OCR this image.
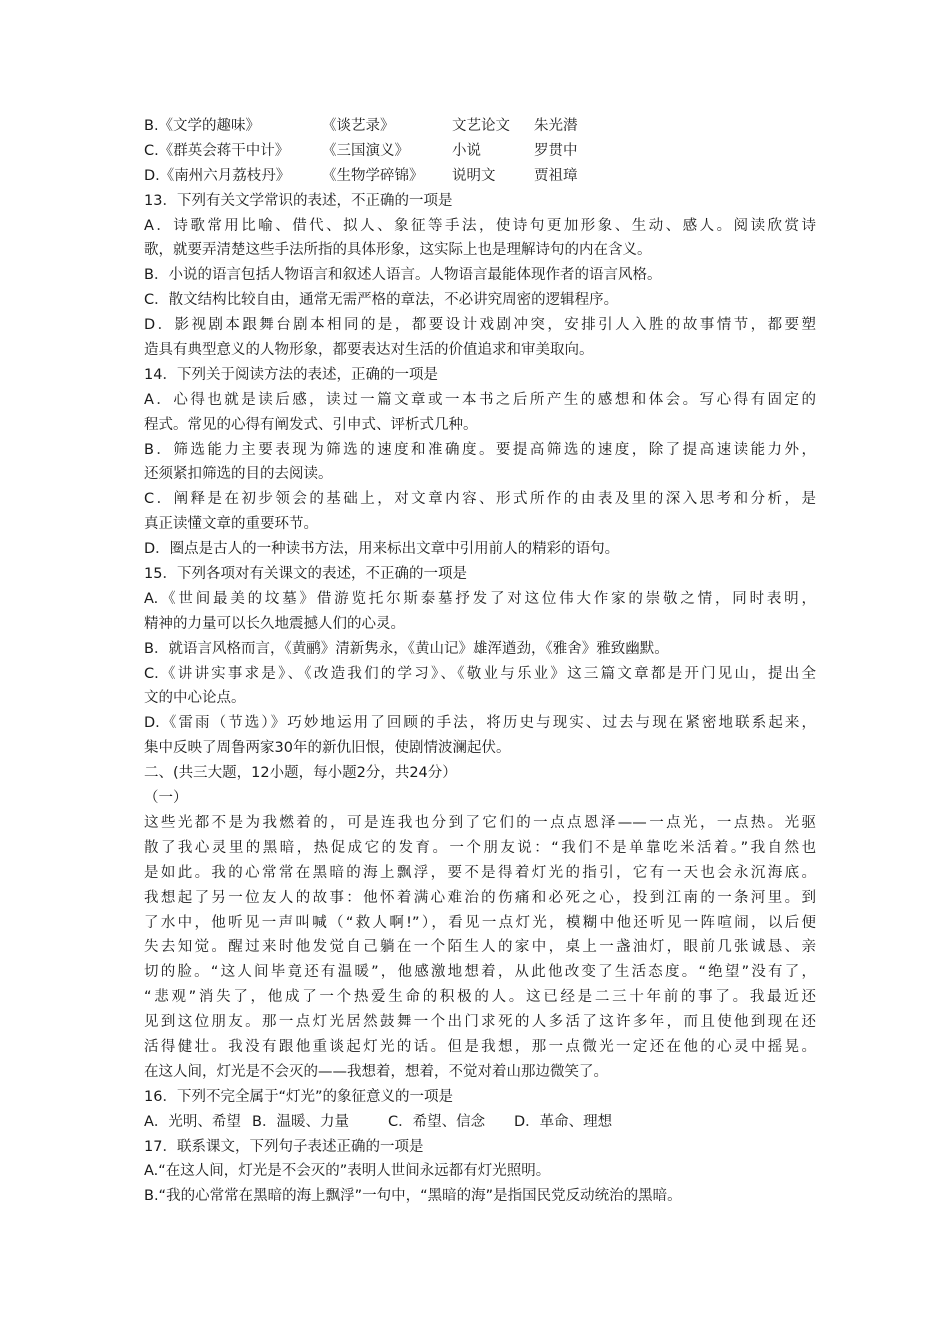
B.《文学的趣味》	《谈艺录》	文艺论文 朱光潜
C.《群英会蒋干中计》 《三国演义》	小说	罗贯中
D.《南州六月荔枝丹》 《生物学碎锦》 说明文	贾祖璋
13．下列有关文学常识的表述，不正确的一项是
A．诗歌常用比喻、借代、拟人、象征等手法，使诗句更加形象、生动、感人。阅读欣赏诗
歌，就要弄清楚这些手法所指的具体形象，这实际上也是理解诗句的内在含义。
B．小说的语言包括人物语言和叙述人语言。人物语言最能体现作者的语言风格。
C．散文结构比较自由，通常无需严格的章法，不必讲究周密的逻辑程序。
D．影视剧本跟舞台剧本相同的是，都要设计戏剧冲突，安排引人入胜的故事情节，都要塑
造具有典型意义的人物形象，都要表达对生活的价值追求和审美取向。
14．下列关于阅读方法的表述，正确的一项是
A．心得也就是读后感，读过一篇文章或一本书之后所产生的感想和体会。写心得有固定的
程式。常见的心得有阐发式、引申式、评析式几种。
B．筛选能力主要表现为筛选的速度和准确度。要提高筛选的速度，除了提高速读能力外，
还须紧扣筛选的目的去阅读。
C．阐释是在初步领会的基础上，对文章内容、形式所作的由表及里的深入思考和分析，是
真正读懂文章的重要环节。
D．圈点是古人的一种读书方法，用来标出文章中引用前人的精彩的语句。
15．下列各项对有关课文的表述，不正确的一项是
A.《世间最美的坟墓》借游览托尔斯泰墓抒发了对这位伟大作家的崇敬之情，同时表明，
精神的力量可以长久地震撼人们的心灵。
B．就语言风格而言，《黄鹂》清新隽永，《黄山记》雄浑遒劲，《雅舍》雅致幽默。
C.《讲讲实事求是》、《改造我们的学习》、《敬业与乐业》这三篇文章都是开门见山，提出全
文的中心论点。
D.《雷雨（节选）》巧妙地运用了回顾的手法，将历史与现实、过去与现在紧密地联系起来，
集中反映了周鲁两家30年的新仇旧恨，使剧情波澜起伏。
二、(共三大题，12小题，每小题2分，共24分）
（一）
这些光都不是为我燃着的，可是连我也分到了它们的一点点恩泽——一点光，一点热。光驱
散了我心灵里的黑暗，热促成它的发育。一个朋友说：“我们不是单靠吃米活着。”我自然也
是如此。我的心常常在黑暗的海上飘浮，要不是得着灯光的指引，它有一天也会永沉海底。
我想起了另一位友人的故事：他怀着满心难治的伤痛和必死之心，投到江南的一条河里。到
了水中，他听见一声叫喊（“救人啊!”），看见一点灯光，模糊中他还听见一阵喧闹，以后便
失去知觉。醒过来时他发觉自己躺在一个陌生人的家中，桌上一盏油灯，眼前几张诚恳、亲
切的脸。“这人间毕竟还有温暖”，他感激地想着，从此他改变了生活态度。“绝望”没有了，
“悲观”消失了，他成了一个热爱生命的积极的人。这已经是二三十年前的事了。我最近还
见到这位朋友。那一点灯光居然鼓舞一个出门求死的人多活了这许多年，而且使他到现在还
活得健壮。我没有跟他重谈起灯光的话。但是我想，那一点微光一定还在他的心灵中摇晃。
在这人间，灯光是不会灭的——我想着，想着，不觉对着山那边微笑了。
16．下列不完全属于“灯光”的象征意义的一项是
A．光明、希望 B．温暖、力量	C．希望、信念 D．革命、理想
17．联系课文，下列句子表述正确的一项是
A.“在这人间，灯光是不会灭的”表明人世间永远都有灯光照明。
B.“我的心常常在黑暗的海上飘浮”一句中，“黑暗的海”是指国民党反动统治的黑暗。
